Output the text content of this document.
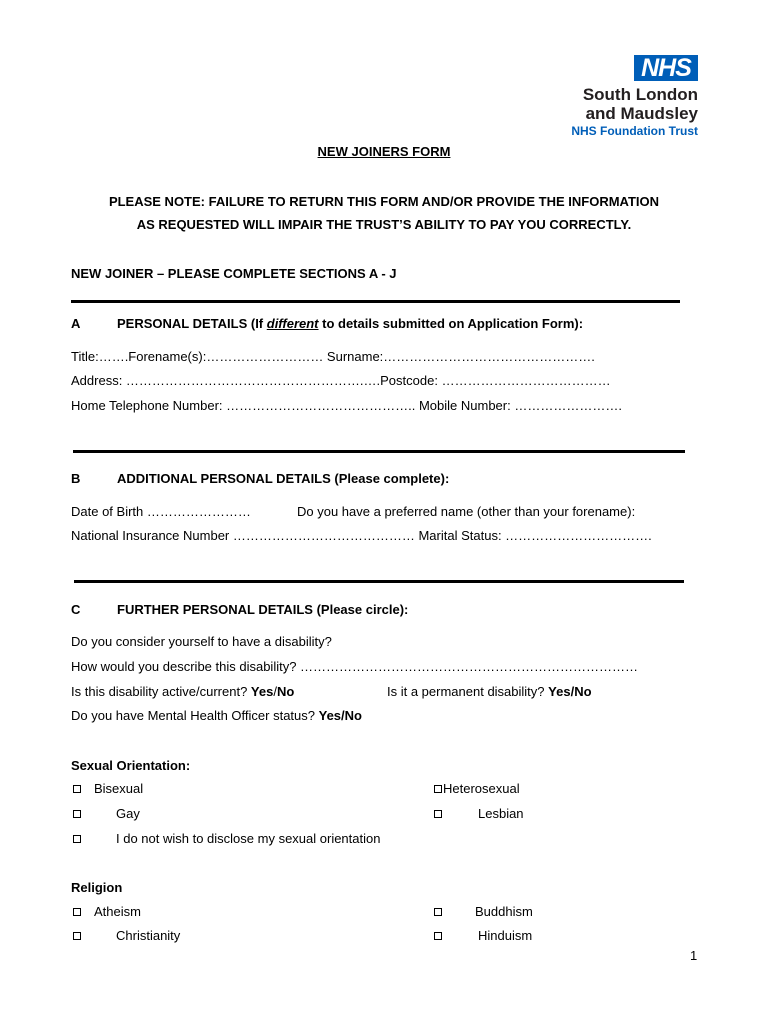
NHS
South London
and Maudsley
NHS Foundation Trust
NEW JOINERS FORM
PLEASE NOTE: FAILURE TO RETURN THIS FORM AND/OR PROVIDE THE INFORMATION
AS REQUESTED WILL IMPAIR THE TRUST’S ABILITY TO PAY YOU CORRECTLY.
NEW JOINER – PLEASE COMPLETE SECTIONS A - J
A	PERSONAL DETAILS (If different to details submitted on Application Form):
Title:…….Forename(s):……………………… Surname:………………………………………….
Address: ……………………………………………….….Postcode: …………………………………
Home Telephone Number: …………………………………….. Mobile Number: …………………….
B	ADDITIONAL PERSONAL DETAILS (Please complete):
Date of Birth ……………………	Do you have a preferred name (other than your forename):
National Insurance Number …………………………………… Marital Status: …………………………….
C	FURTHER PERSONAL DETAILS (Please circle):
Do you consider yourself to have a disability?
How would you describe this disability? ……………………………………………………………………
Is this disability active/current? Yes/No	Is it a permanent disability? Yes/No
Do you have Mental Health Officer status? Yes/No
Sexual Orientation:
Bisexual	Heterosexual
Gay	Lesbian
I do not wish to disclose my sexual orientation
Religion
Atheism	Buddhism
Christianity	Hinduism
1
